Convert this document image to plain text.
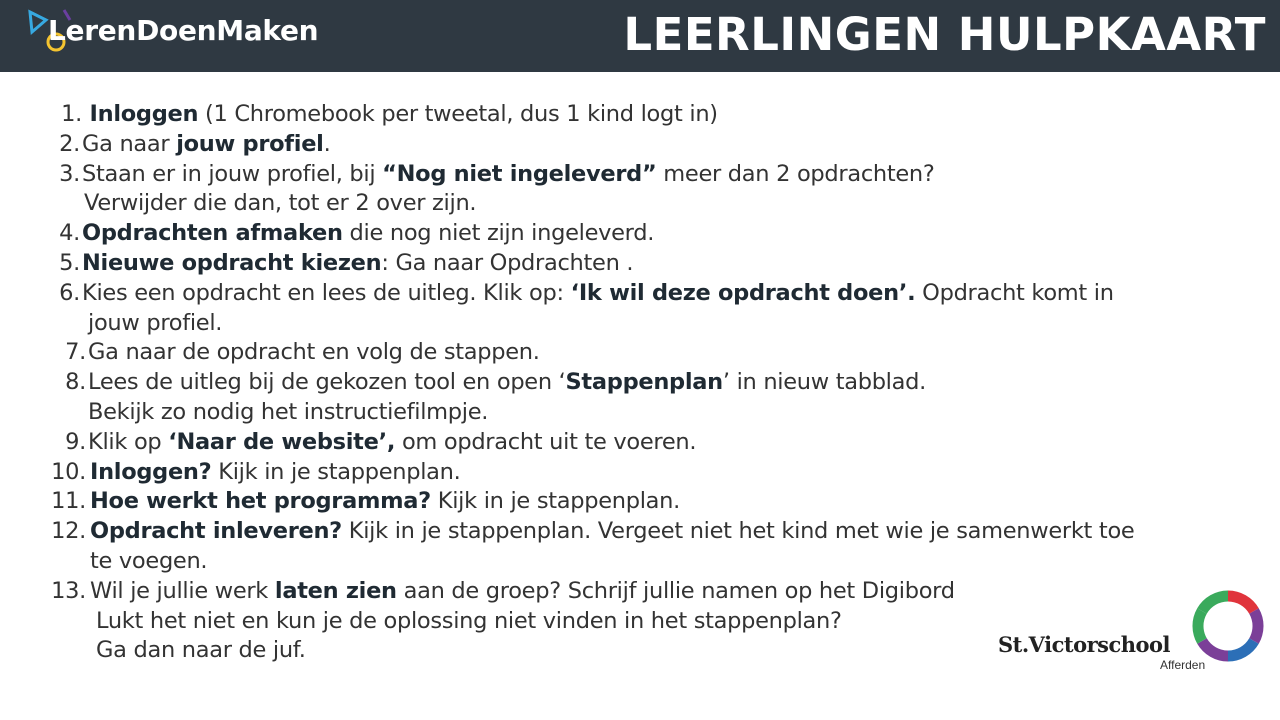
LerenDoenMaken	LEERLINGEN HULPKAART
1. Inloggen (1 Chromebook per tweetal, dus 1 kind logt in)
2. Ga naar jouw profiel.
3. Staan er in jouw profiel, bij “Nog niet ingeleverd” meer dan 2 opdrachten?
Verwijder die dan, tot er 2 over zijn.
4. Opdrachten afmaken die nog niet zijn ingeleverd.
5. Nieuwe opdracht kiezen: Ga naar Opdrachten .
6. Kies een opdracht en lees de uitleg. Klik op: ‘Ik wil deze opdracht doen’. Opdracht komt in
jouw profiel.
7. Ga naar de opdracht en volg de stappen.
8. Lees de uitleg bij de gekozen tool en open ‘Stappenplan’ in nieuw tabblad.
Bekijk zo nodig het instructiefilmpje.
9. Klik op ‘Naar de website’, om opdracht uit te voeren.
10. Inloggen? Kijk in je stappenplan.
11. Hoe werkt het programma? Kijk in je stappenplan.
12. Opdracht inleveren? Kijk in je stappenplan. Vergeet niet het kind met wie je samenwerkt toe
te voegen.
13. Wil je jullie werk laten zien aan de groep? Schrijf jullie namen op het Digibord
Lukt het niet en kun je de oplossing niet vinden in het stappenplan?
Ga dan naar de juf.	St.Victorschool
Afferden
